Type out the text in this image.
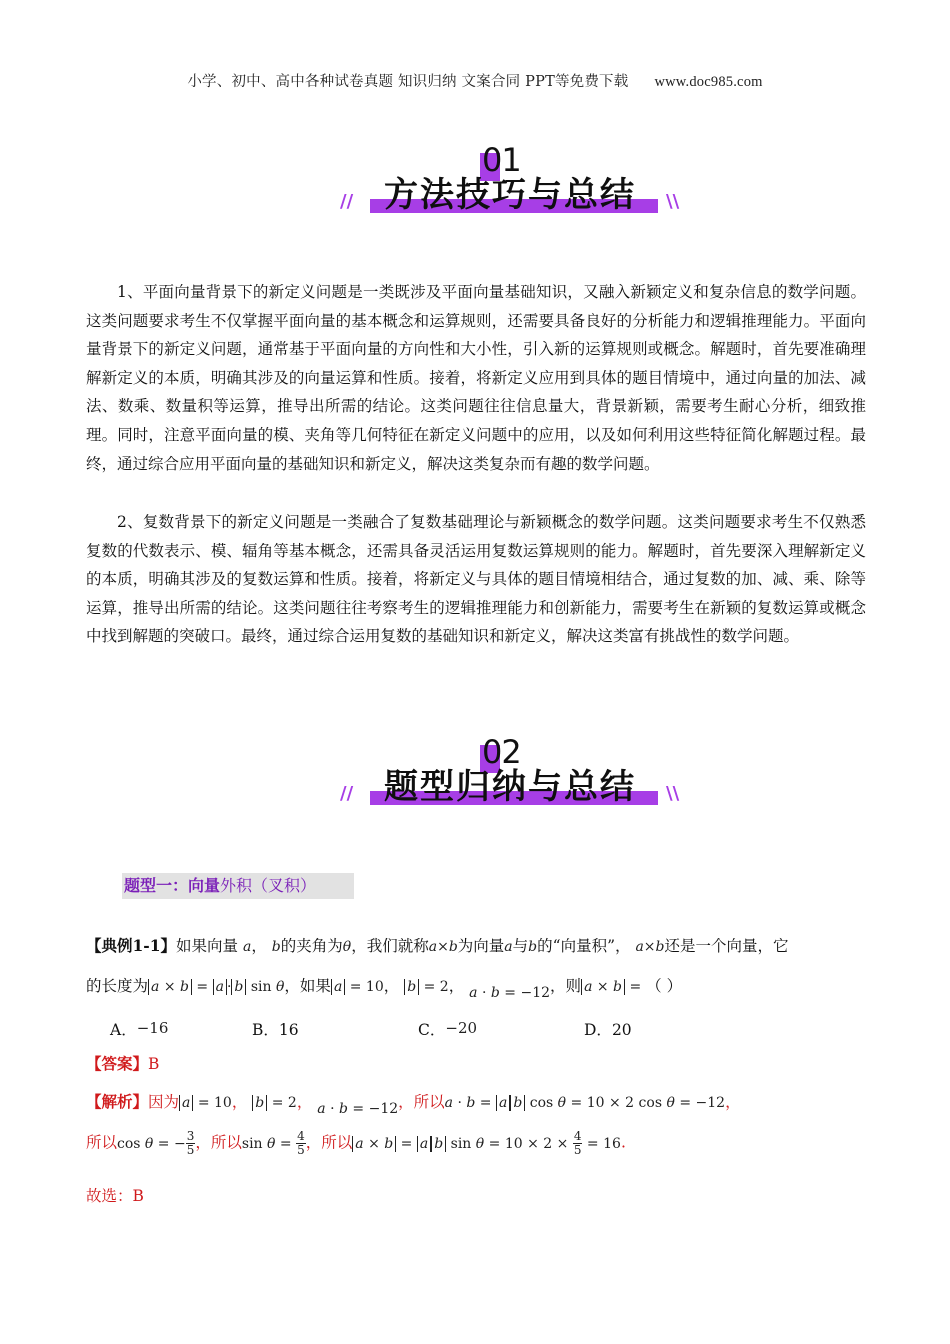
小学、初中、高中各种试卷真题 知识归纳 文案合同 PPT等免费下载 www.doc985.com
01
// 方法技巧与总结	\\
1、平面向量背景下的新定义问题是一类既涉及平面向量基础知识，又融入新颖定义和复杂信息的数学问题。这类问题要求考生不仅掌握平面向量的基本概念和运算规则，还需要具备良好的分析能力和逻辑推理能力。平面向量背景下的新定义问题，通常基于平面向量的方向性和大小性，引入新的运算规则或概念。解题时，首先要准确理解新定义的本质，明确其涉及的向量运算和性质。接着，将新定义应用到具体的题目情境中，通过向量的加法、减法、数乘、数量积等运算，推导出所需的结论。这类问题往往信息量大，背景新颖，需要考生耐心分析，细致推理。同时，注意平面向量的模、夹角等几何特征在新定义问题中的应用，以及如何利用这些特征简化解题过程。最终，通过综合应用平面向量的基础知识和新定义，解决这类复杂而有趣的数学问题。
2、复数背景下的新定义问题是一类融合了复数基础理论与新颖概念的数学问题。这类问题要求考生不仅熟悉复数的代数表示、模、辐角等基本概念，还需具备灵活运用复数运算规则的能力。解题时，首先要深入理解新定义的本质，明确其涉及的复数运算和性质。接着，将新定义与具体的题目情境相结合，通过复数的加、减、乘、除等运算，推导出所需的结论。这类问题往往考察考生的逻辑推理能力和创新能力，需要考生在新颖的复数运算或概念中找到解题的突破口。最终，通过综合运用复数的基础知识和新定义，解决这类富有挑战性的数学问题。
02
// 题型归纳与总结	\\
题型一：向量外积（叉积）
【典例1-1】如果向量 a， b的夹角为θ，我们就称a×b为向量a与b的“向量积”， a×b还是一个向量，它
的长度为 a × b = a · b sin θ，如果 a = 10， b = 2， a · b = −12，则 a × b = （ ）
A．−16	B．16	C．−20	D．20
【答案】B
【解析】因为 a = 10， b = 2， a · b = −12，所以a · b = a b cos θ = 10 × 2 cos θ = −12，
所以cos θ = − $\frac{3}{5}$ ，所以$\sin \theta = \frac{4}{5}$ ，所以 a × b = a b $\sin \theta = 10 \times 2 \times \frac{4}{5} = 16$.
故选：B
